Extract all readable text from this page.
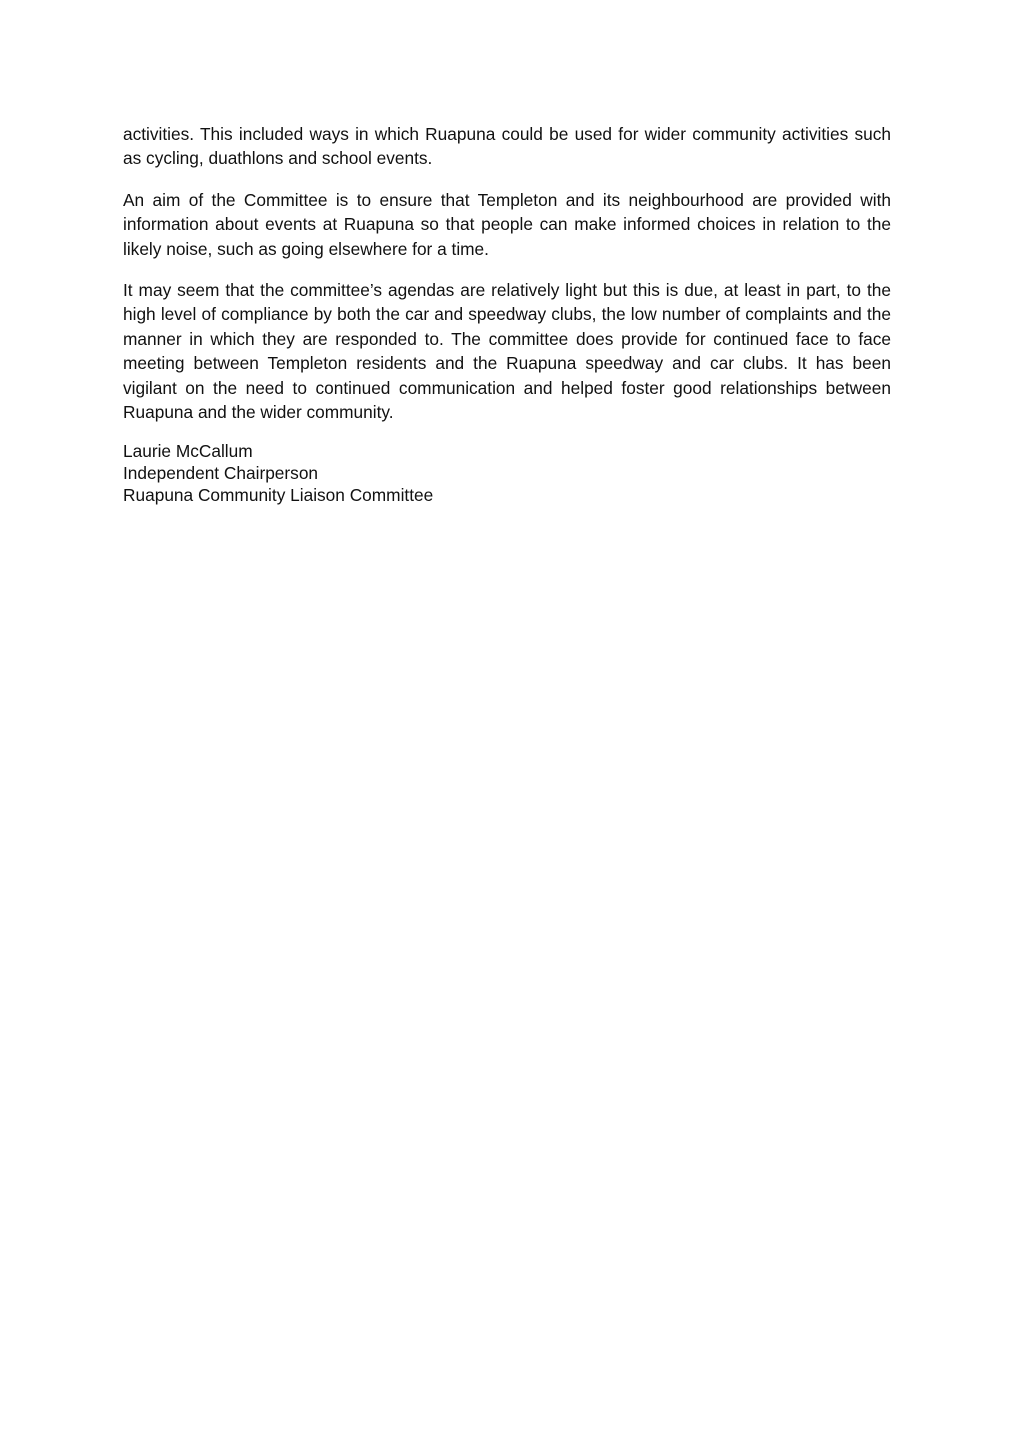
activities. This included ways in which Ruapuna could be used for wider community activities such as cycling, duathlons and school events.

An aim of the Committee is to ensure that Templeton and its neighbourhood are provided with information about events at Ruapuna so that people can make informed choices in relation to the likely noise, such as going elsewhere for a time.

It may seem that the committee’s agendas are relatively light but this is due, at least in part, to the high level of compliance by both the car and speedway clubs, the low number of complaints and the manner in which they are responded to. The committee does provide for continued face to face meeting between Templeton residents and the Ruapuna speedway and car clubs. It has been vigilant on the need to continued communication and helped foster good relationships between Ruapuna and the wider community.

Laurie McCallum
Independent Chairperson
Ruapuna Community Liaison Committee
